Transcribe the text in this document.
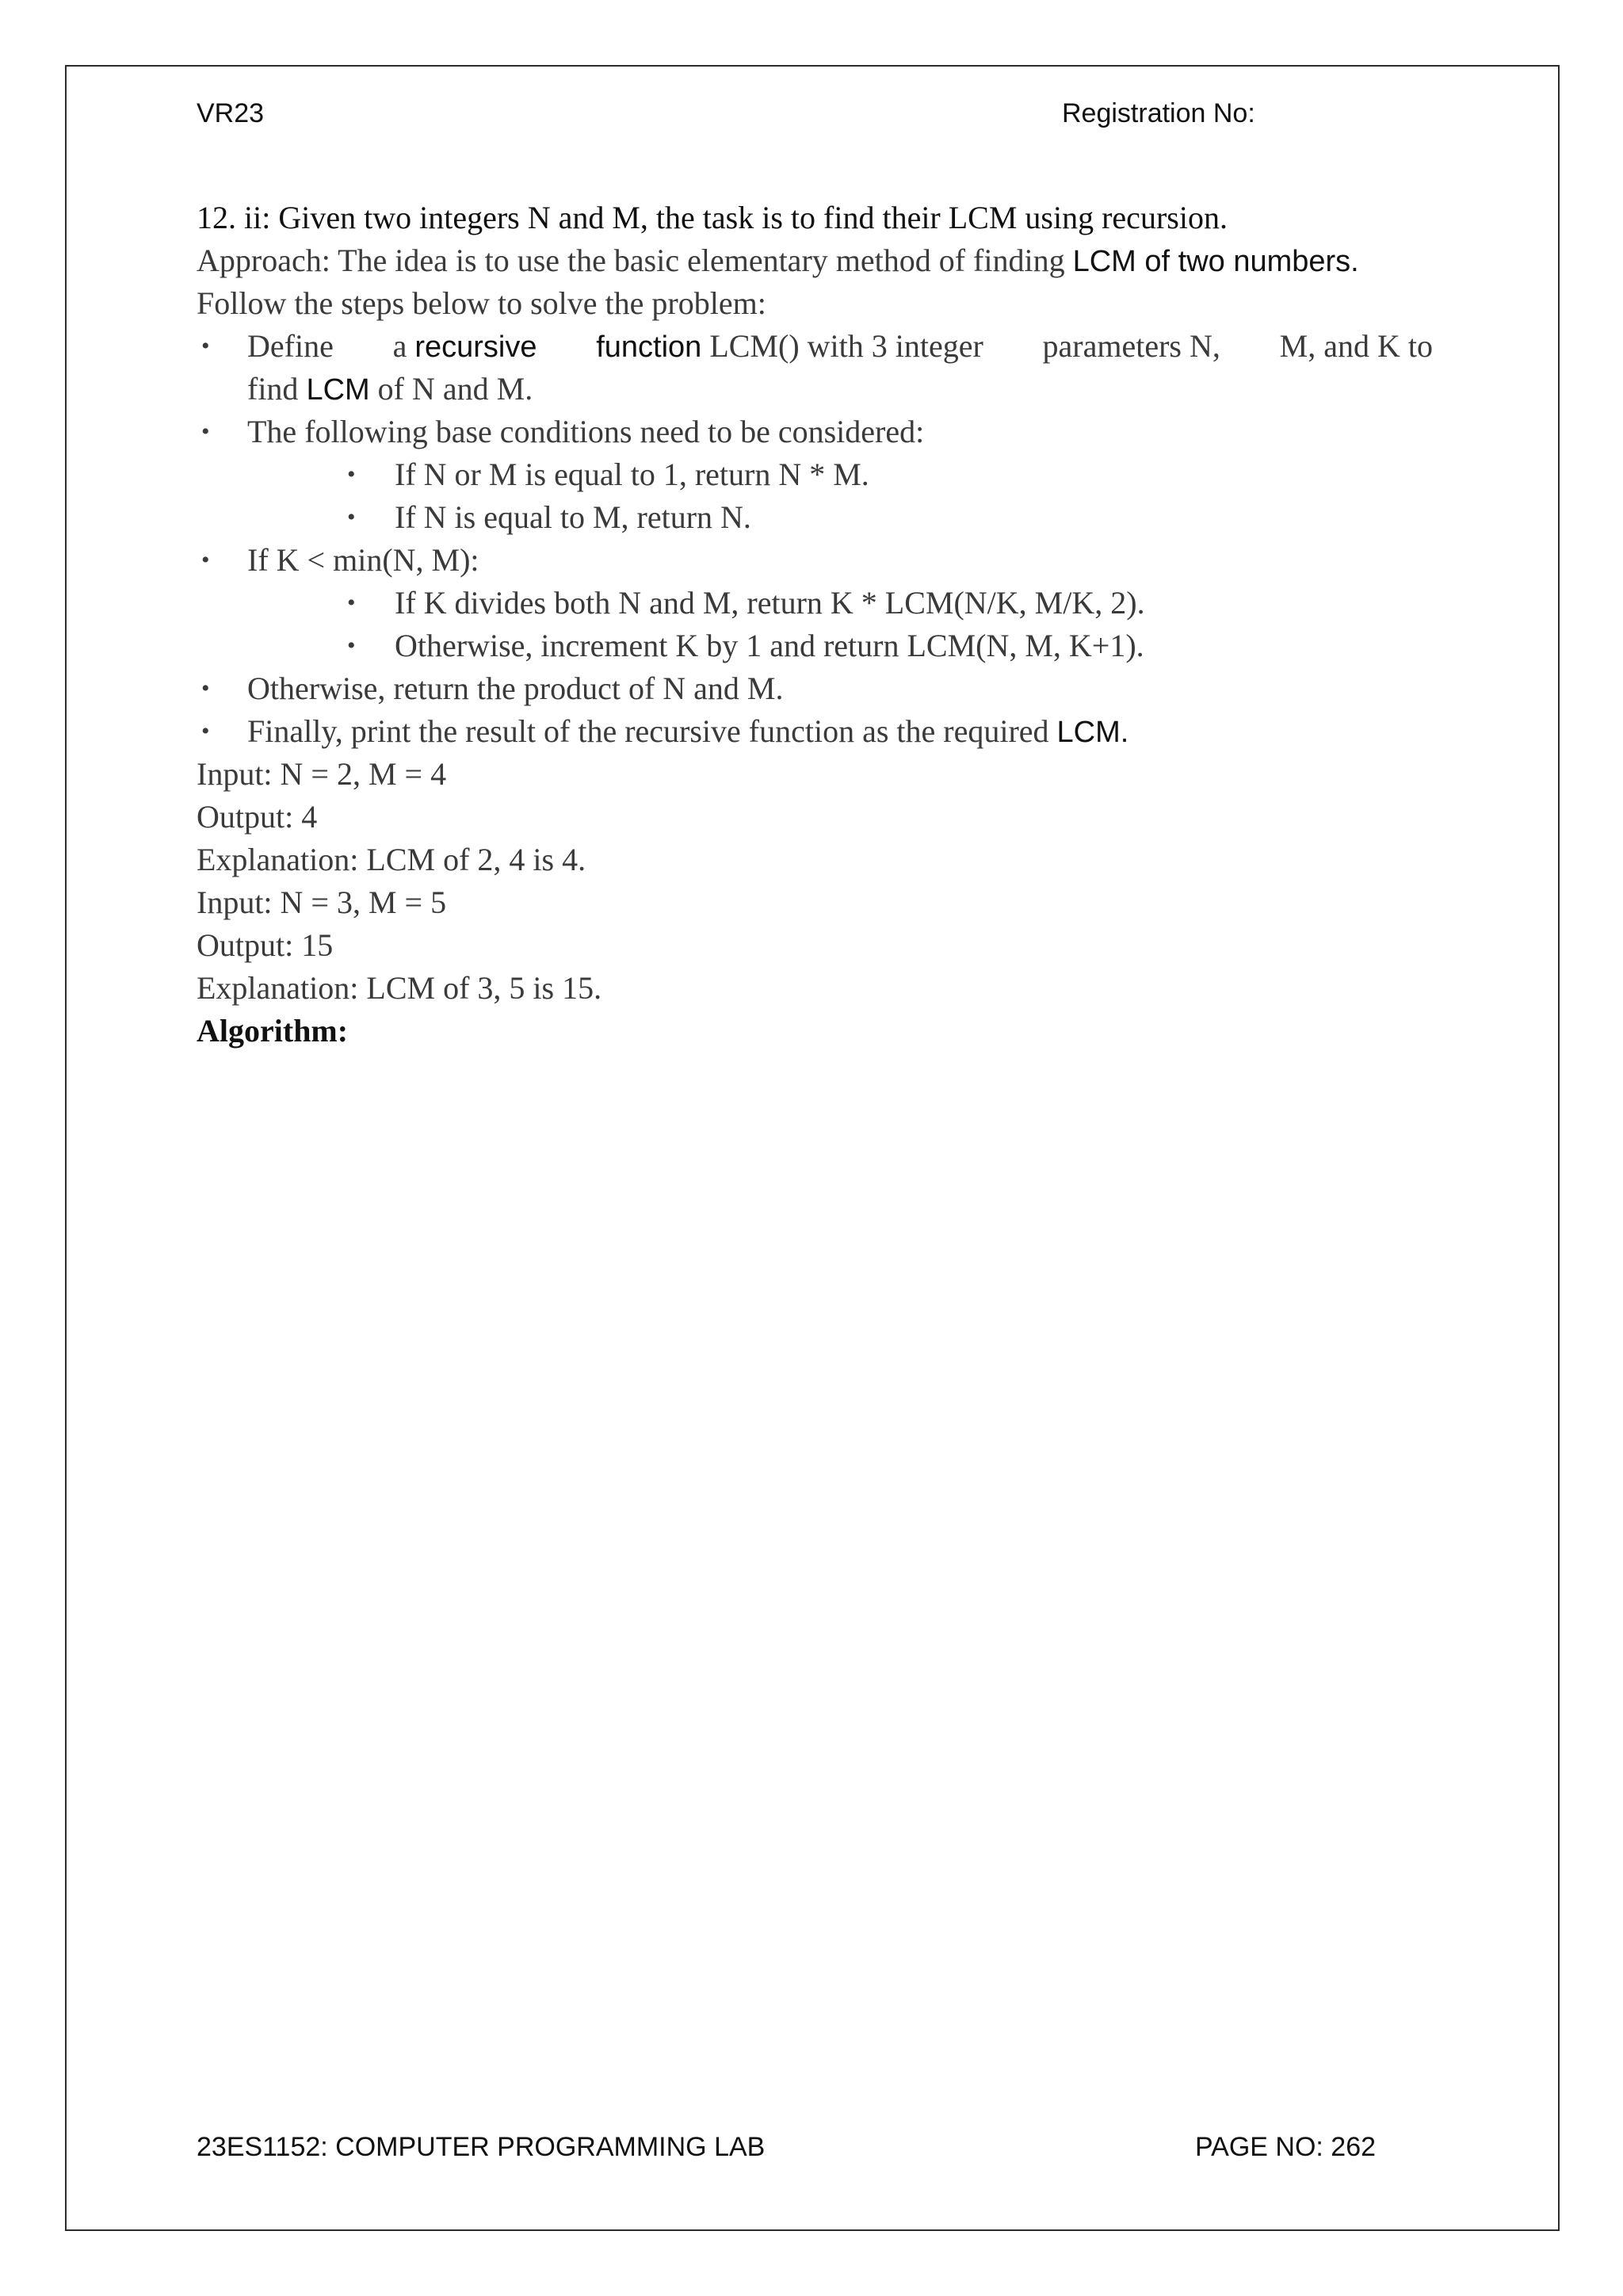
VR23	Registration No:
12. ii: Given two integers N and M, the task is to find their LCM using recursion.
Approach: The idea is to use the basic elementary method of finding LCM of two numbers.
Follow the steps below to solve the problem:
• Define a recursive function LCM() with 3 integer parameters N, M, and K to
find LCM of N and M.
• The following base conditions need to be considered:
• If N or M is equal to 1, return N * M.
• If N is equal to M, return N.
• If K < min(N, M):
• If K divides both N and M, return K * LCM(N/K, M/K, 2).
• Otherwise, increment K by 1 and return LCM(N, M, K+1).
• Otherwise, return the product of N and M.
• Finally, print the result of the recursive function as the required LCM.
Input: N = 2, M = 4
Output: 4
Explanation: LCM of 2, 4 is 4.
Input: N = 3, M = 5
Output: 15
Explanation: LCM of 3, 5 is 15.
Algorithm:
23ES1152: COMPUTER PROGRAMMING LAB	PAGE NO: 262
